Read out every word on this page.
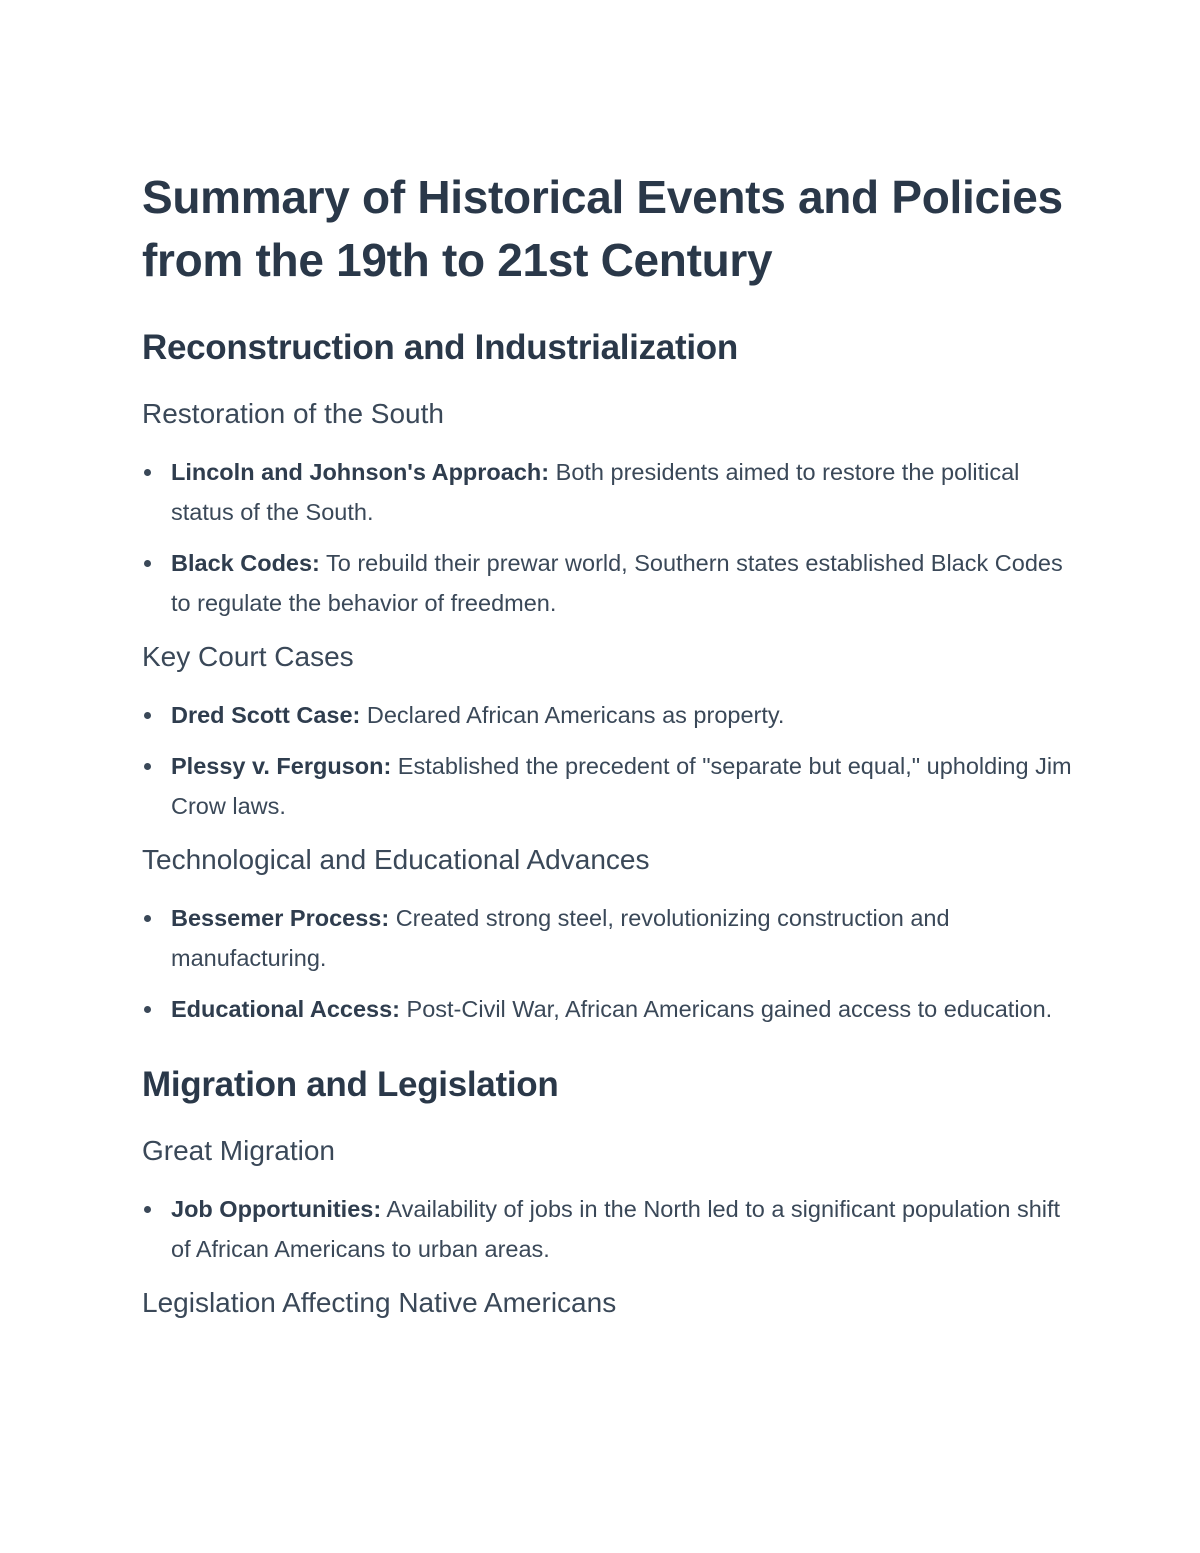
Summary of Historical Events and Policies from the 19th to 21st Century
Reconstruction and Industrialization
Restoration of the South
Lincoln and Johnson's Approach: Both presidents aimed to restore the political status of the South.
Black Codes: To rebuild their prewar world, Southern states established Black Codes to regulate the behavior of freedmen.
Key Court Cases
Dred Scott Case: Declared African Americans as property.
Plessy v. Ferguson: Established the precedent of "separate but equal," upholding Jim Crow laws.
Technological and Educational Advances
Bessemer Process: Created strong steel, revolutionizing construction and manufacturing.
Educational Access: Post-Civil War, African Americans gained access to education.
Migration and Legislation
Great Migration
Job Opportunities: Availability of jobs in the North led to a significant population shift of African Americans to urban areas.
Legislation Affecting Native Americans
